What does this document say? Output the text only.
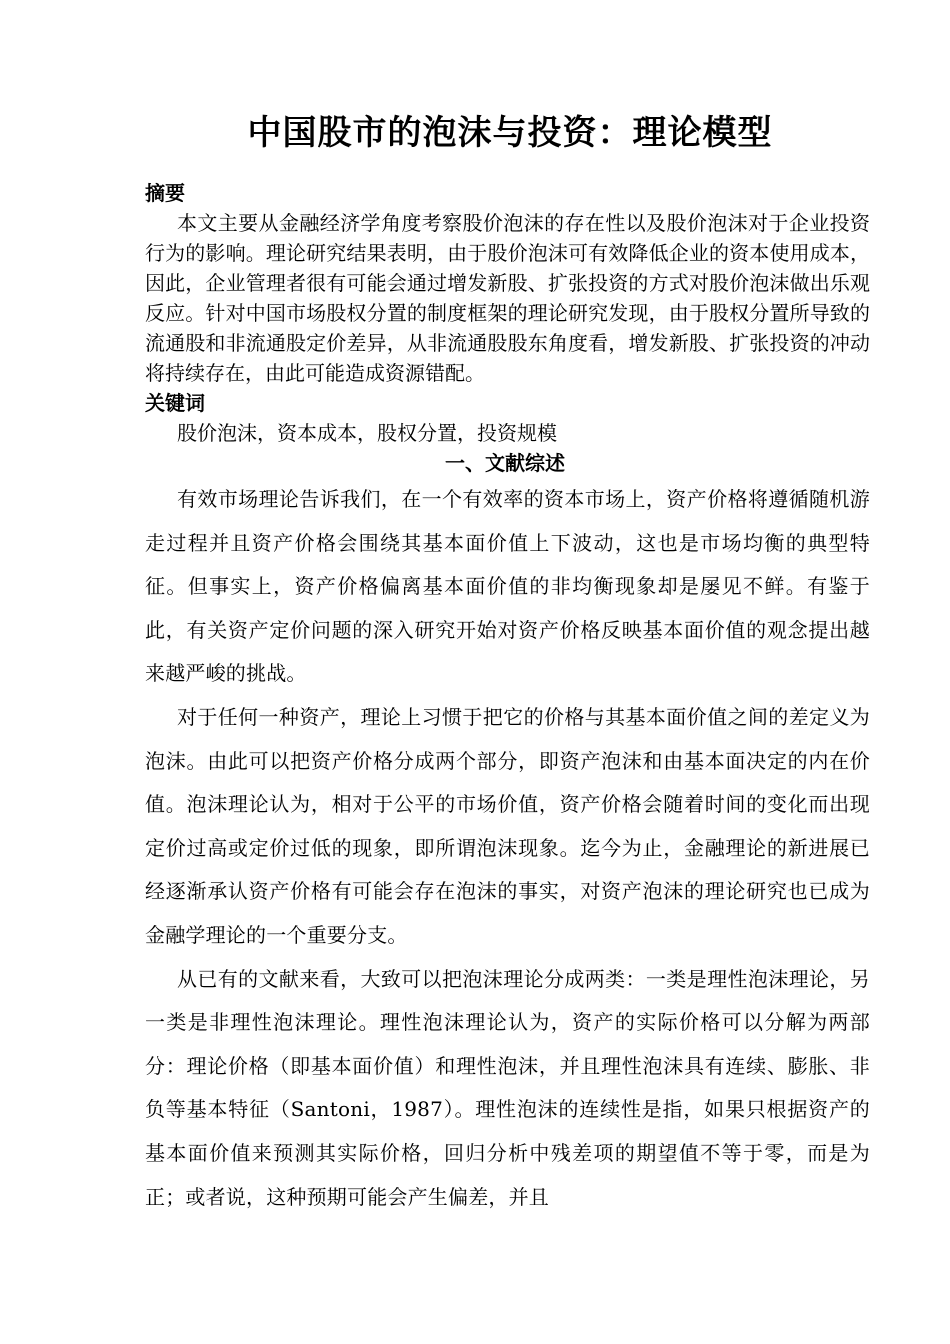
中国股市的泡沫与投资：理论模型

摘要

本文主要从金融经济学角度考察股价泡沫的存在性以及股价泡沫对于企业投资行为的影响。理论研究结果表明，由于股价泡沫可有效降低企业的资本使用成本，因此，企业管理者很有可能会通过增发新股、扩张投资的方式对股价泡沫做出乐观反应。针对中国市场股权分置的制度框架的理论研究发现，由于股权分置所导致的流通股和非流通股定价差异，从非流通股股东角度看，增发新股、扩张投资的冲动将持续存在，由此可能造成资源错配。

关键词

股价泡沫，资本成本，股权分置，投资规模

一、文献综述

有效市场理论告诉我们，在一个有效率的资本市场上，资产价格将遵循随机游走过程并且资产价格会围绕其基本面价值上下波动，这也是市场均衡的典型特征。但事实上，资产价格偏离基本面价值的非均衡现象却是屡见不鲜。有鉴于此，有关资产定价问题的深入研究开始对资产价格反映基本面价值的观念提出越来越严峻的挑战。

对于任何一种资产，理论上习惯于把它的价格与其基本面价值之间的差定义为泡沫。由此可以把资产价格分成两个部分，即资产泡沫和由基本面决定的内在价值。泡沫理论认为，相对于公平的市场价值，资产价格会随着时间的变化而出现定价过高或定价过低的现象，即所谓泡沫现象。迄今为止，金融理论的新进展已经逐渐承认资产价格有可能会存在泡沫的事实，对资产泡沫的理论研究也已成为金融学理论的一个重要分支。

从已有的文献来看，大致可以把泡沫理论分成两类：一类是理性泡沫理论，另一类是非理性泡沫理论。理性泡沫理论认为，资产的实际价格可以分解为两部分：理论价格（即基本面价值）和理性泡沫，并且理性泡沫具有连续、膨胀、非负等基本特征（Santoni，1987）。理性泡沫的连续性是指，如果只根据资产的基本面价值来预测其实际价格，回归分析中残差项的期望值不等于零，而是为正；或者说，这种预期可能会产生偏差，并且
